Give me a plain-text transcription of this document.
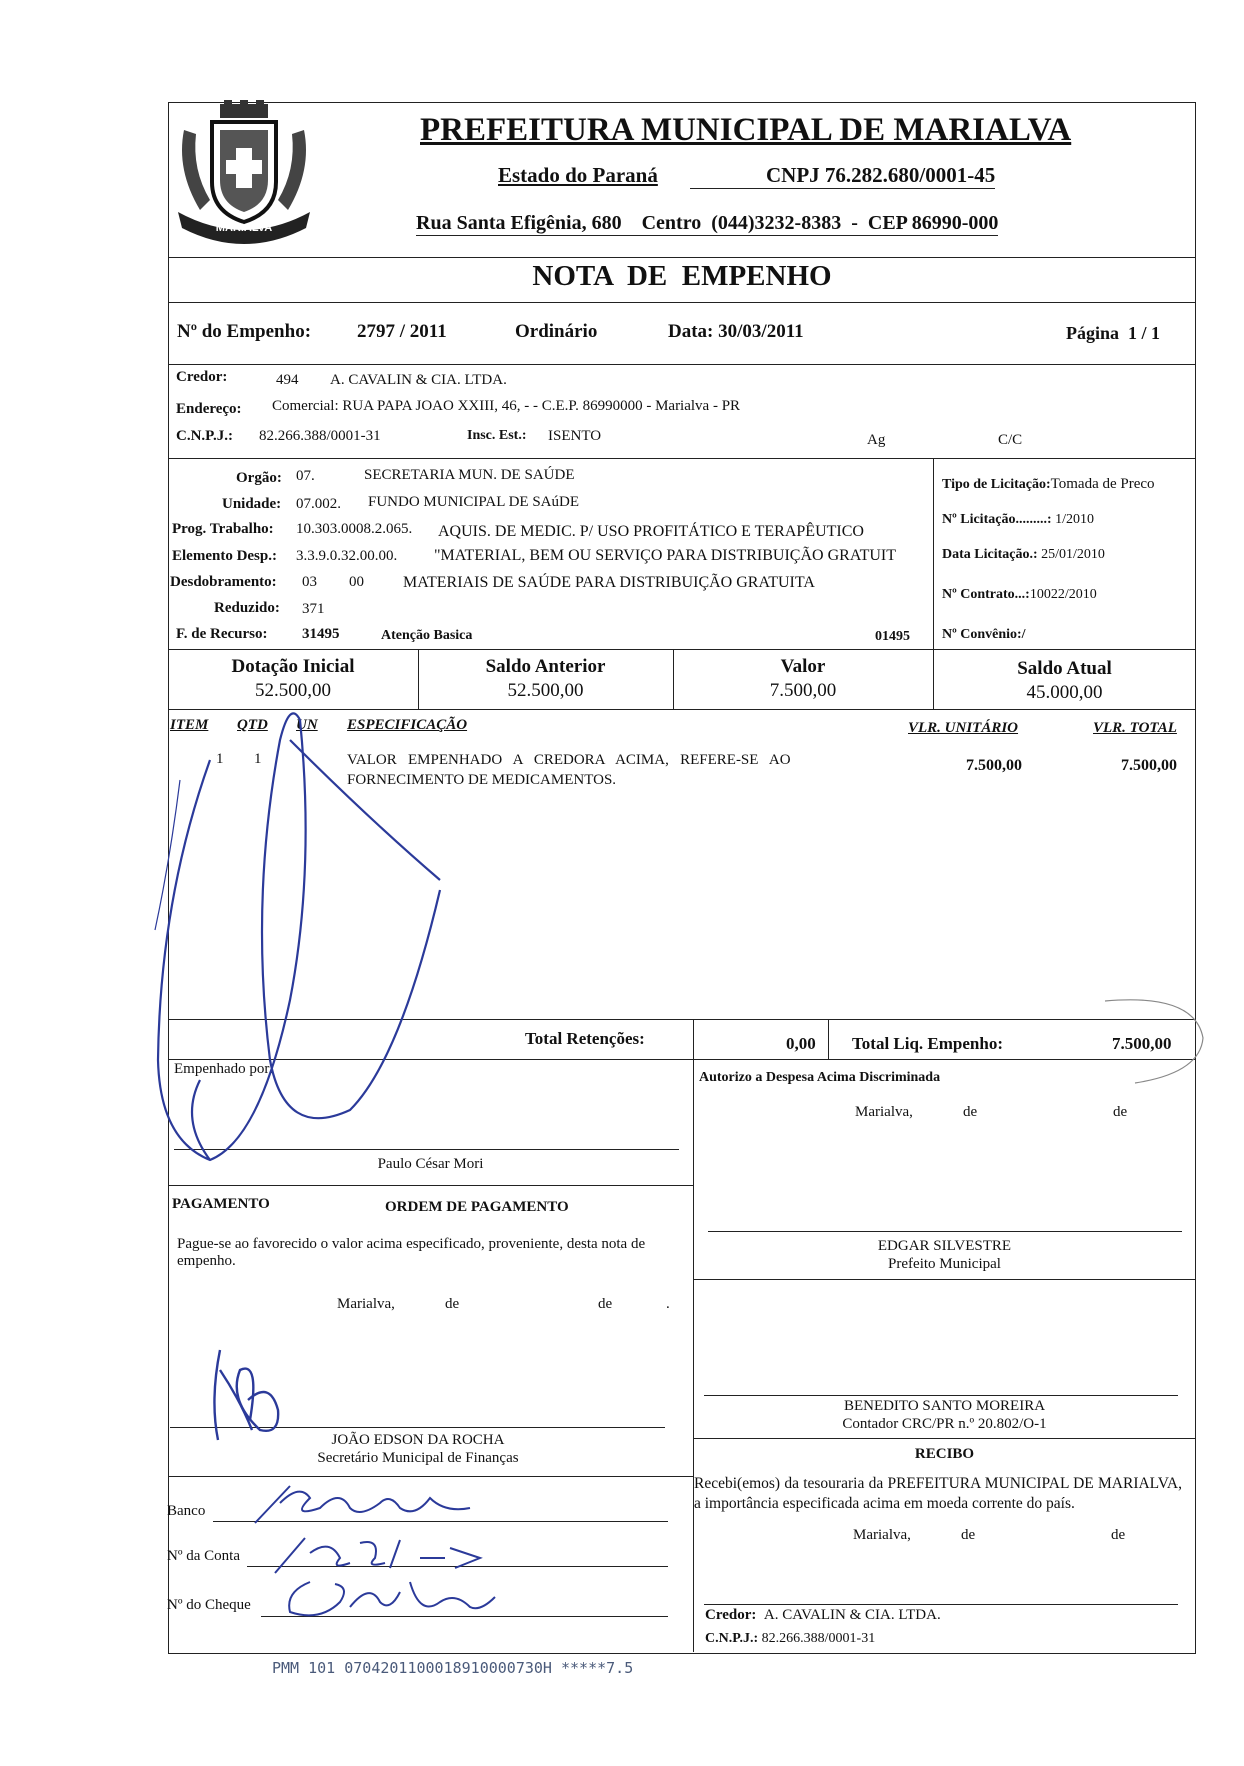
MARIALVA
PREFEITURA MUNICIPAL DE MARIALVA
Estado do Paraná	CNPJ 76.282.680/0001-45
Rua Santa Efigênia, 680 Centro (044)3232-8383 - CEP 86990-000
NOTA  DE  EMPENHO
Nº do Empenho: 2797 / 2011	Ordinário	Data: 30/03/2011	Página 1 / 1
Credor:	494 A. CAVALIN & CIA. LTDA.
Endereço: Comercial: RUA PAPA JOAO XXIII, 46, - - C.E.P. 86990000 - Marialva - PR
C.N.P.J.: 82.266.388/0001-31	Insc. Est.: ISENTO	Ag	C/C
Orgão: 07.	SECRETARIA MUN. DE SAÚDE
Unidade: 07.002. FUNDO MUNICIPAL DE SAúDE
Prog. Trabalho: 10.303.0008.2.065. AQUIS. DE MEDIC. P/ USO PROFITÁTICO E TERAPÊUTICO
Elemento Desp.: 3.3.9.0.32.00.00. "MATERIAL, BEM OU SERVIÇO PARA DISTRIBUIÇÃO GRATUIT
Desdobramento: 03 00 MATERIAIS DE SAÚDE PARA DISTRIBUIÇÃO GRATUITA
Reduzido: 371
F. de Recurso: 31495	Atenção Basica	01495
Tipo de Licitação:Tomada de Preco
Nº Licitação.........: 1/2010
Data Licitação.: 25/01/2010
Nº Contrato...:10022/2010
Nº Convênio:/
Dotação Inicial
52.500,00
Saldo Anterior
52.500,00
Valor
7.500,00
Saldo Atual
45.000,00
ITEM QTD UN ESPECIFICAÇÃO	VLR. UNITÁRIO	VLR. TOTAL
1 1	VALOR   EMPENHADO   A   CREDORA   ACIMA,   REFERE-SE   AO
FORNECIMENTO DE MEDICAMENTOS.
7.500,00	7.500,00
Total Retenções:	0,00 Total Liq. Empenho:	7.500,00
Empenhado por:
Paulo César Mori
Autorizo a Despesa Acima Discriminada
Marialva,	de	de
PAGAMENTO	ORDEM DE PAGAMENTO
Pague-se ao favorecido o valor acima especificado, proveniente, desta nota de empenho.
Marialva,	de	de	.
JOÃO EDSON DA ROCHA
Secretário Municipal de Finanças
EDGAR SILVESTRE
Prefeito Municipal
BENEDITO SANTO MOREIRA
Contador CRC/PR n.º 20.802/O-1
RECIBO
Recebi(emos) da tesouraria da PREFEITURA MUNICIPAL DE MARIALVA, a importância especificada acima em moeda corrente do país.
Marialva,	de	de
Credor: A. CAVALIN & CIA. LTDA.
C.N.P.J.: 82.266.388/0001-31
Banco
Nº da Conta
Nº do Cheque
PMM 101 0704201100018910000730H *****7.5
